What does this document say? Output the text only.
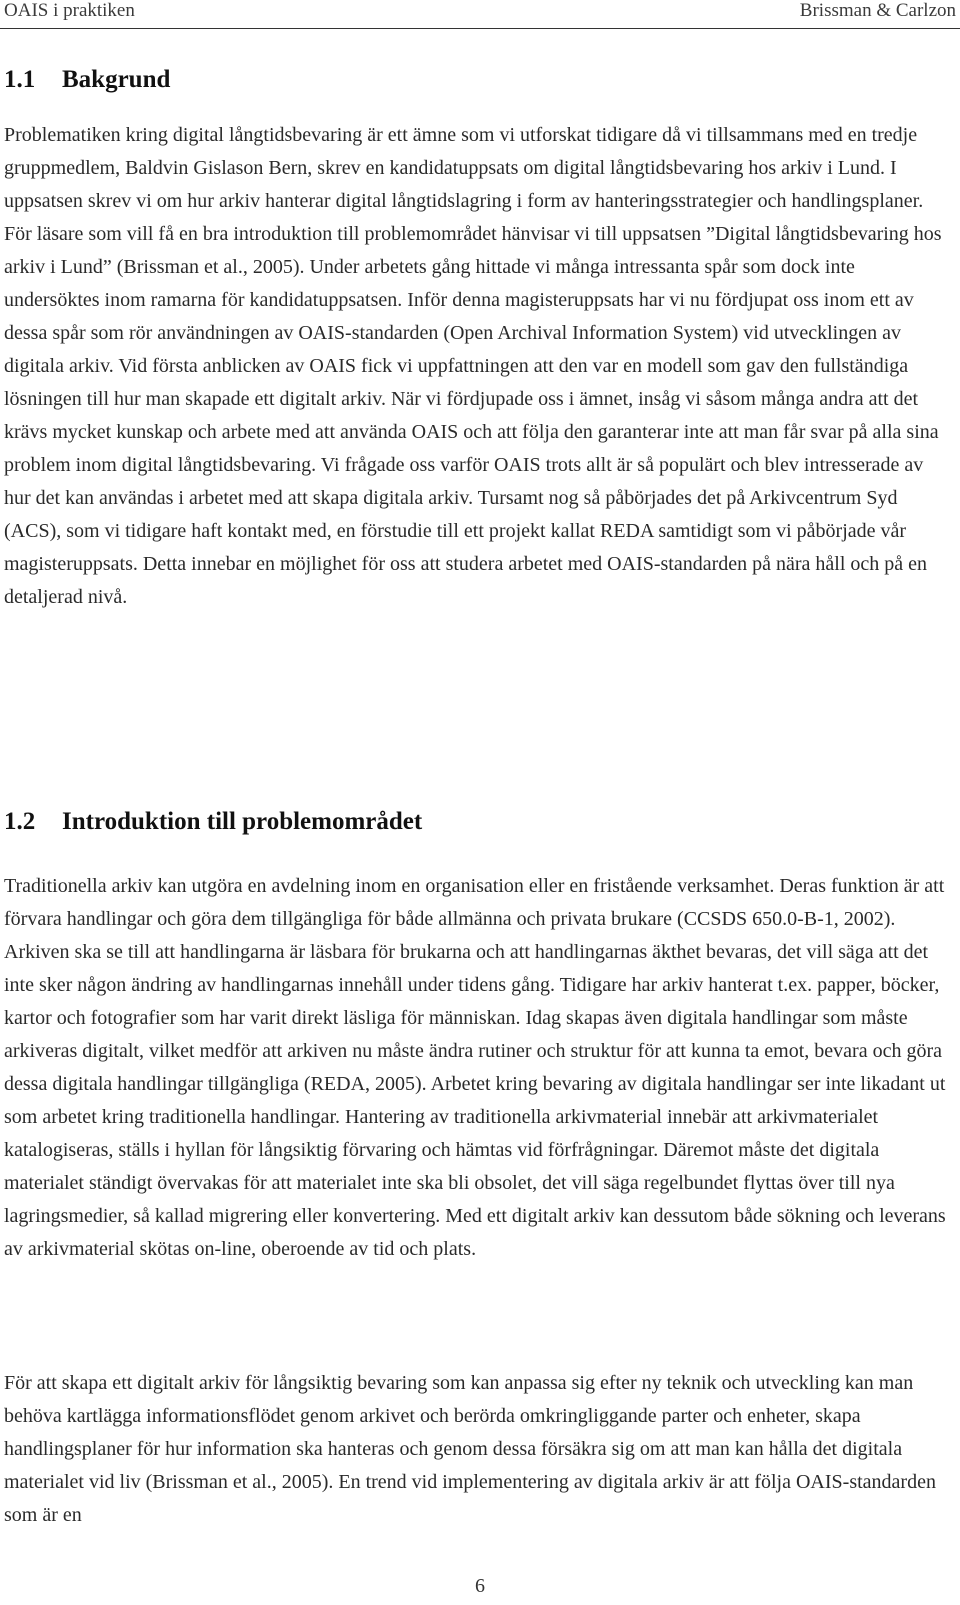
OAIS i praktiken	Brissman & Carlzon
1.1 Bakgrund

Problematiken kring digital långtidsbevaring är ett ämne som vi utforskat tidigare då vi tillsammans med en tredje gruppmedlem, Baldvin Gislason Bern, skrev en kandidatuppsats om digital långtidsbevaring hos arkiv i Lund. I uppsatsen skrev vi om hur arkiv hanterar digital långtidslagring i form av hanteringsstrategier och handlingsplaner. För läsare som vill få en bra introduktion till problemområdet hänvisar vi till uppsatsen ”Digital långtidsbevaring hos arkiv i Lund” (Brissman et al., 2005). Under arbetets gång hittade vi många intressanta spår som dock inte undersöktes inom ramarna för kandidatuppsatsen. Inför denna magisteruppsats har vi nu fördjupat oss inom ett av dessa spår som rör användningen av OAIS-standarden (Open Archival Information System) vid utvecklingen av digitala arkiv. Vid första anblicken av OAIS fick vi uppfattningen att den var en modell som gav den fullständiga lösningen till hur man skapade ett digitalt arkiv. När vi fördjupade oss i ämnet, insåg vi såsom många andra att det krävs mycket kunskap och arbete med att använda OAIS och att följa den garanterar inte att man får svar på alla sina problem inom digital långtidsbevaring. Vi frågade oss varför OAIS trots allt är så populärt och blev intresserade av hur det kan användas i arbetet med att skapa digitala arkiv. Tursamt nog så påbörjades det på Arkivcentrum Syd (ACS), som vi tidigare haft kontakt med, en förstudie till ett projekt kallat REDA samtidigt som vi påbörjade vår magisteruppsats. Detta innebar en möjlighet för oss att studera arbetet med OAIS-standarden på nära håll och på en detaljerad nivå.

1.2 Introduktion till problemområdet

Traditionella arkiv kan utgöra en avdelning inom en organisation eller en fristående verksamhet. Deras funktion är att förvara handlingar och göra dem tillgängliga för både allmänna och privata brukare (CCSDS 650.0-B-1, 2002). Arkiven ska se till att handlingarna är läsbara för brukarna och att handlingarnas äkthet bevaras, det vill säga att det inte sker någon ändring av handlingarnas innehåll under tidens gång. Tidigare har arkiv hanterat t.ex. papper, böcker, kartor och fotografier som har varit direkt läsliga för människan. Idag skapas även digitala handlingar som måste arkiveras digitalt, vilket medför att arkiven nu måste ändra rutiner och struktur för att kunna ta emot, bevara och göra dessa digitala handlingar tillgängliga (REDA, 2005). Arbetet kring bevaring av digitala handlingar ser inte likadant ut som arbetet kring traditionella handlingar. Hantering av traditionella arkivmaterial innebär att arkivmaterialet katalogiseras, ställs i hyllan för långsiktig förvaring och hämtas vid förfrågningar. Däremot måste det digitala materialet ständigt övervakas för att materialet inte ska bli obsolet, det vill säga regelbundet flyttas över till nya lagringsmedier, så kallad migrering eller konvertering. Med ett digitalt arkiv kan dessutom både sökning och leverans av arkivmaterial skötas on-line, oberoende av tid och plats.

För att skapa ett digitalt arkiv för långsiktig bevaring som kan anpassa sig efter ny teknik och utveckling kan man behöva kartlägga informationsflödet genom arkivet och berörda omkringliggande parter och enheter, skapa handlingsplaner för hur information ska hanteras och genom dessa försäkra sig om att man kan hålla det digitala materialet vid liv (Brissman et al., 2005). En trend vid implementering av digitala arkiv är att följa OAIS-standarden som är en

6
